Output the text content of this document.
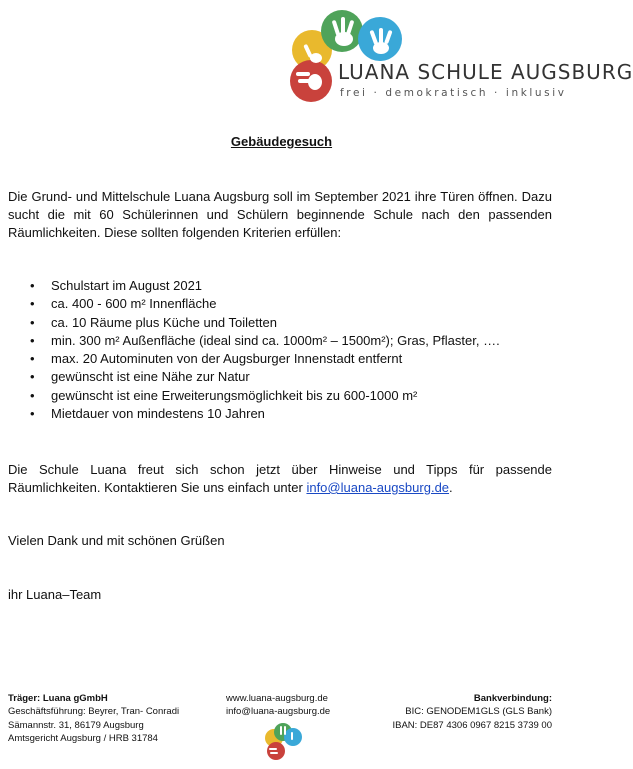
LUANA SCHULE AUGSBURG
frei · demokratisch · inklusiv
Gebäudegesuch
Die Grund- und Mittelschule Luana Augsburg soll im September 2021 ihre Türen öffnen. Dazu sucht die mit 60 Schülerinnen und Schülern beginnende Schule nach den passenden Räumlichkeiten. Diese sollten folgenden Kriterien erfüllen:
• Schulstart im August 2021
• ca. 400 - 600 m² Innenfläche
• ca. 10 Räume plus Küche und Toiletten
• min. 300 m² Außenfläche (ideal sind ca. 1000m² – 1500m²); Gras, Pflaster, ….
• max. 20 Autominuten von der Augsburger Innenstadt entfernt
• gewünscht ist eine Nähe zur Natur
• gewünscht ist eine Erweiterungsmöglichkeit bis zu 600-1000 m²
• Mietdauer von mindestens 10 Jahren
Die Schule Luana freut sich schon jetzt über Hinweise und Tipps für passende Räumlichkeiten. Kontaktieren Sie uns einfach unter info@luana-augsburg.de.
Vielen Dank und mit schönen Grüßen
ihr Luana–Team
Träger: Luana gGmbH
Geschäftsführung: Beyrer, Tran- Conradi
Sämannstr. 31, 86179 Augsburg
Amtsgericht Augsburg / HRB 31784
www.luana-augsburg.de
info@luana-augsburg.de
Bankverbindung:
BIC: GENODEM1GLS (GLS Bank)
IBAN: DE87 4306 0967 8215 3739 00
